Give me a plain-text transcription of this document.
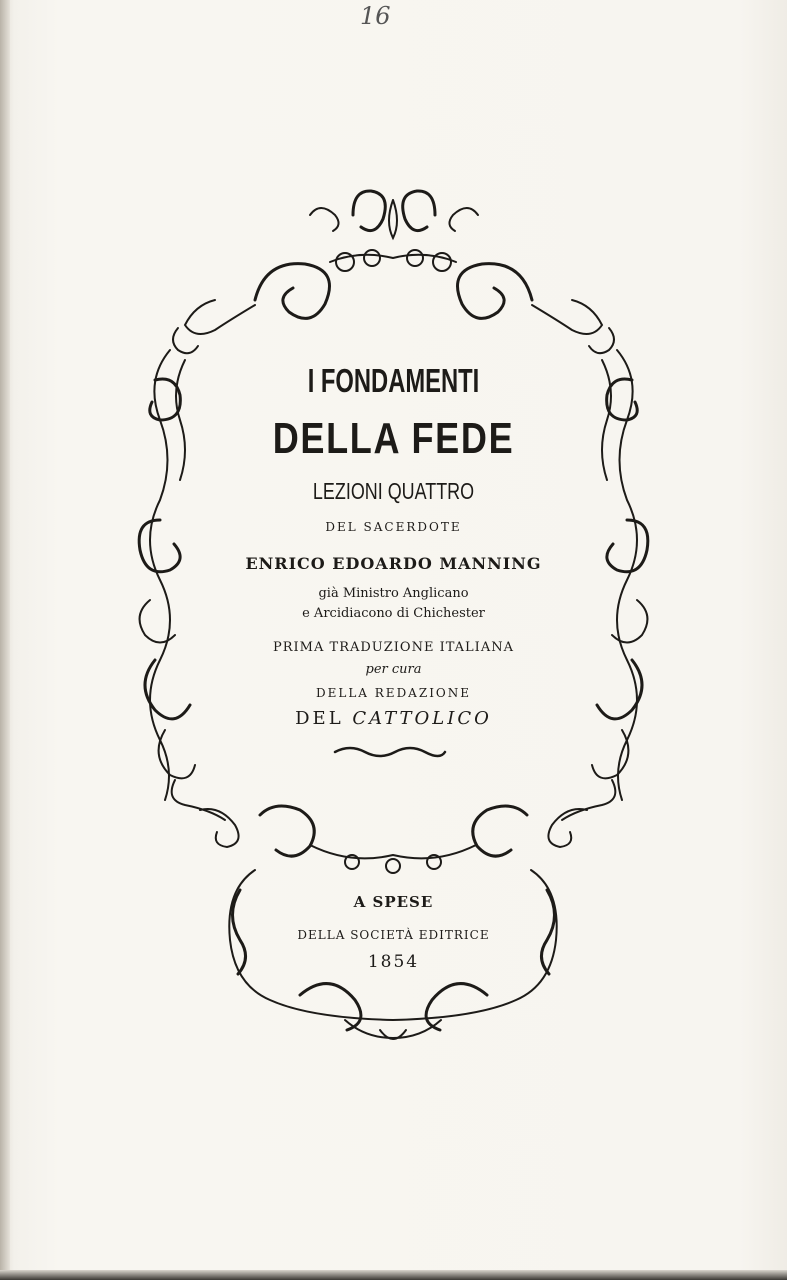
16
I FONDAMENTI
DELLA FEDE
LEZIONI QUATTRO
DEL SACERDOTE
ENRICO EDOARDO MANNING
già Ministro Anglicano
e Arcidiacono di Chichester
PRIMA TRADUZIONE ITALIANA
per cura
DELLA REDAZIONE
DEL CATTOLICO
A SPESE
DELLA SOCIETÀ EDITRICE
1854
